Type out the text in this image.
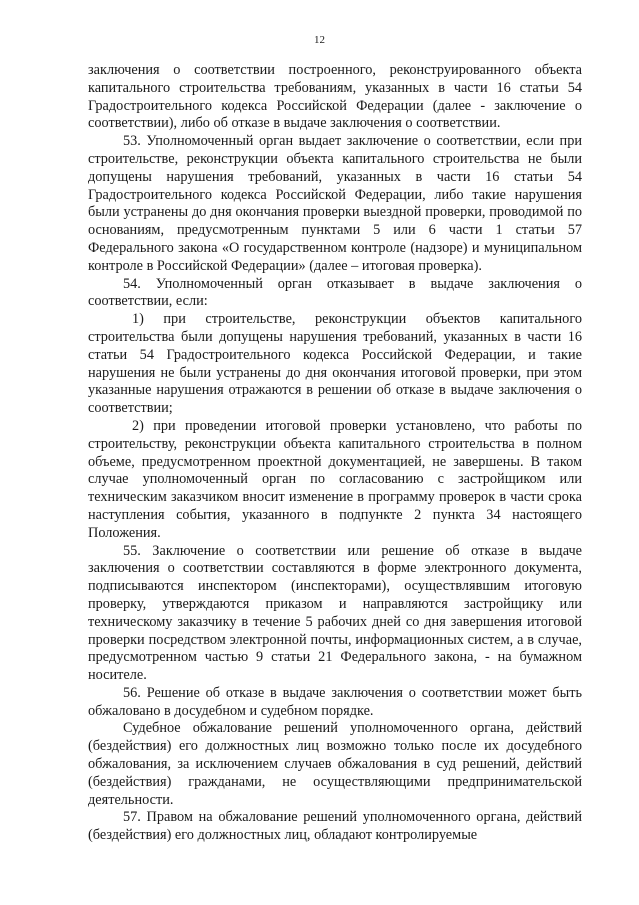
12

заключения о соответствии построенного, реконструированного объекта капитального строительства требованиям, указанных в части 16 статьи 54 Градостроительного кодекса Российской Федерации (далее - заключение о соответствии), либо об отказе в выдаче заключения о соответствии.

53. Уполномоченный орган выдает заключение о соответствии, если при строительстве, реконструкции объекта капитального строительства не были допущены нарушения требований, указанных в части 16 статьи 54 Градостроительного кодекса Российской Федерации, либо такие нарушения были устранены до дня окончания проверки выездной проверки, проводимой по основаниям, предусмотренным пунктами 5 или 6 части 1 статьи 57 Федерального закона «О государственном контроле (надзоре) и муниципальном контроле в Российской Федерации» (далее – итоговая проверка).

54. Уполномоченный орган отказывает в выдаче заключения о соответствии, если:

1) при строительстве, реконструкции объектов капитального строительства были допущены нарушения требований, указанных в части 16 статьи 54 Градостроительного кодекса Российской Федерации, и такие нарушения не были устранены до дня окончания итоговой проверки, при этом указанные нарушения отражаются в решении об отказе в выдаче заключения о соответствии;

2) при проведении итоговой проверки установлено, что работы по строительству, реконструкции объекта капитального строительства в полном объеме, предусмотренном проектной документацией, не завершены. В таком случае уполномоченный орган по согласованию с застройщиком или техническим заказчиком вносит изменение в программу проверок в части срока наступления события, указанного в подпункте 2 пункта 34 настоящего Положения.

55. Заключение о соответствии или решение об отказе в выдаче заключения о соответствии составляются в форме электронного документа, подписываются инспектором (инспекторами), осуществлявшим итоговую проверку, утверждаются приказом и направляются застройщику или техническому заказчику в течение 5 рабочих дней со дня завершения итоговой проверки посредством электронной почты, информационных систем, а в случае, предусмотренном частью 9 статьи 21 Федерального закона, - на бумажном носителе.

56. Решение об отказе в выдаче заключения о соответствии может быть обжаловано в досудебном и судебном порядке.

Судебное обжалование решений уполномоченного органа, действий (бездействия) его должностных лиц возможно только после их досудебного обжалования, за исключением случаев обжалования в суд решений, действий (бездействия) гражданами, не осуществляющими предпринимательской деятельности.

57. Правом на обжалование решений уполномоченного органа, действий (бездействия) его должностных лиц, обладают контролируемые
